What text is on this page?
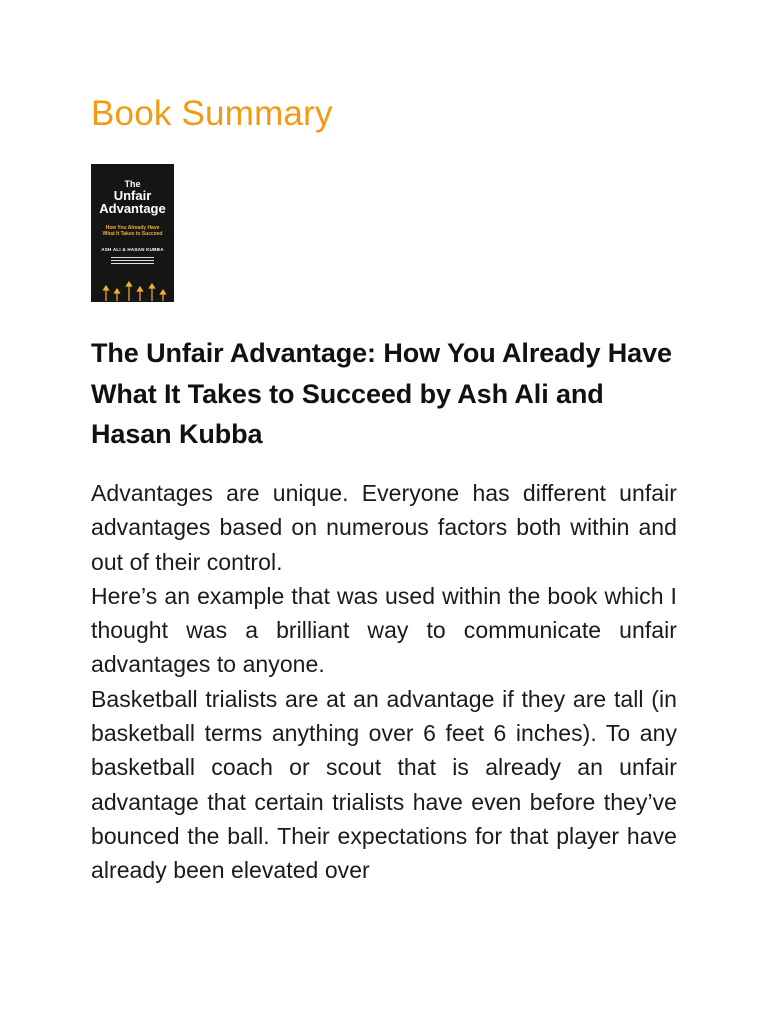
Book Summary
The
Unfair
Advantage
How You Already Have
What It Takes to Succeed
ASH ALI & HASAN KUBBA
The Unfair Advantage: How You Already Have What It Takes to Succeed by Ash Ali and Hasan Kubba

Advantages are unique. Everyone has different unfair advantages based on numerous factors both within and out of their control.

Here’s an example that was used within the book which I thought was a brilliant way to communicate unfair advantages to anyone.

Basketball trialists are at an advantage if they are tall (in basketball terms anything over 6 feet 6 inches). To any basketball coach or scout that is already an unfair advantage that certain trialists have even before they’ve bounced the ball. Their expectations for that player have already been elevated over
